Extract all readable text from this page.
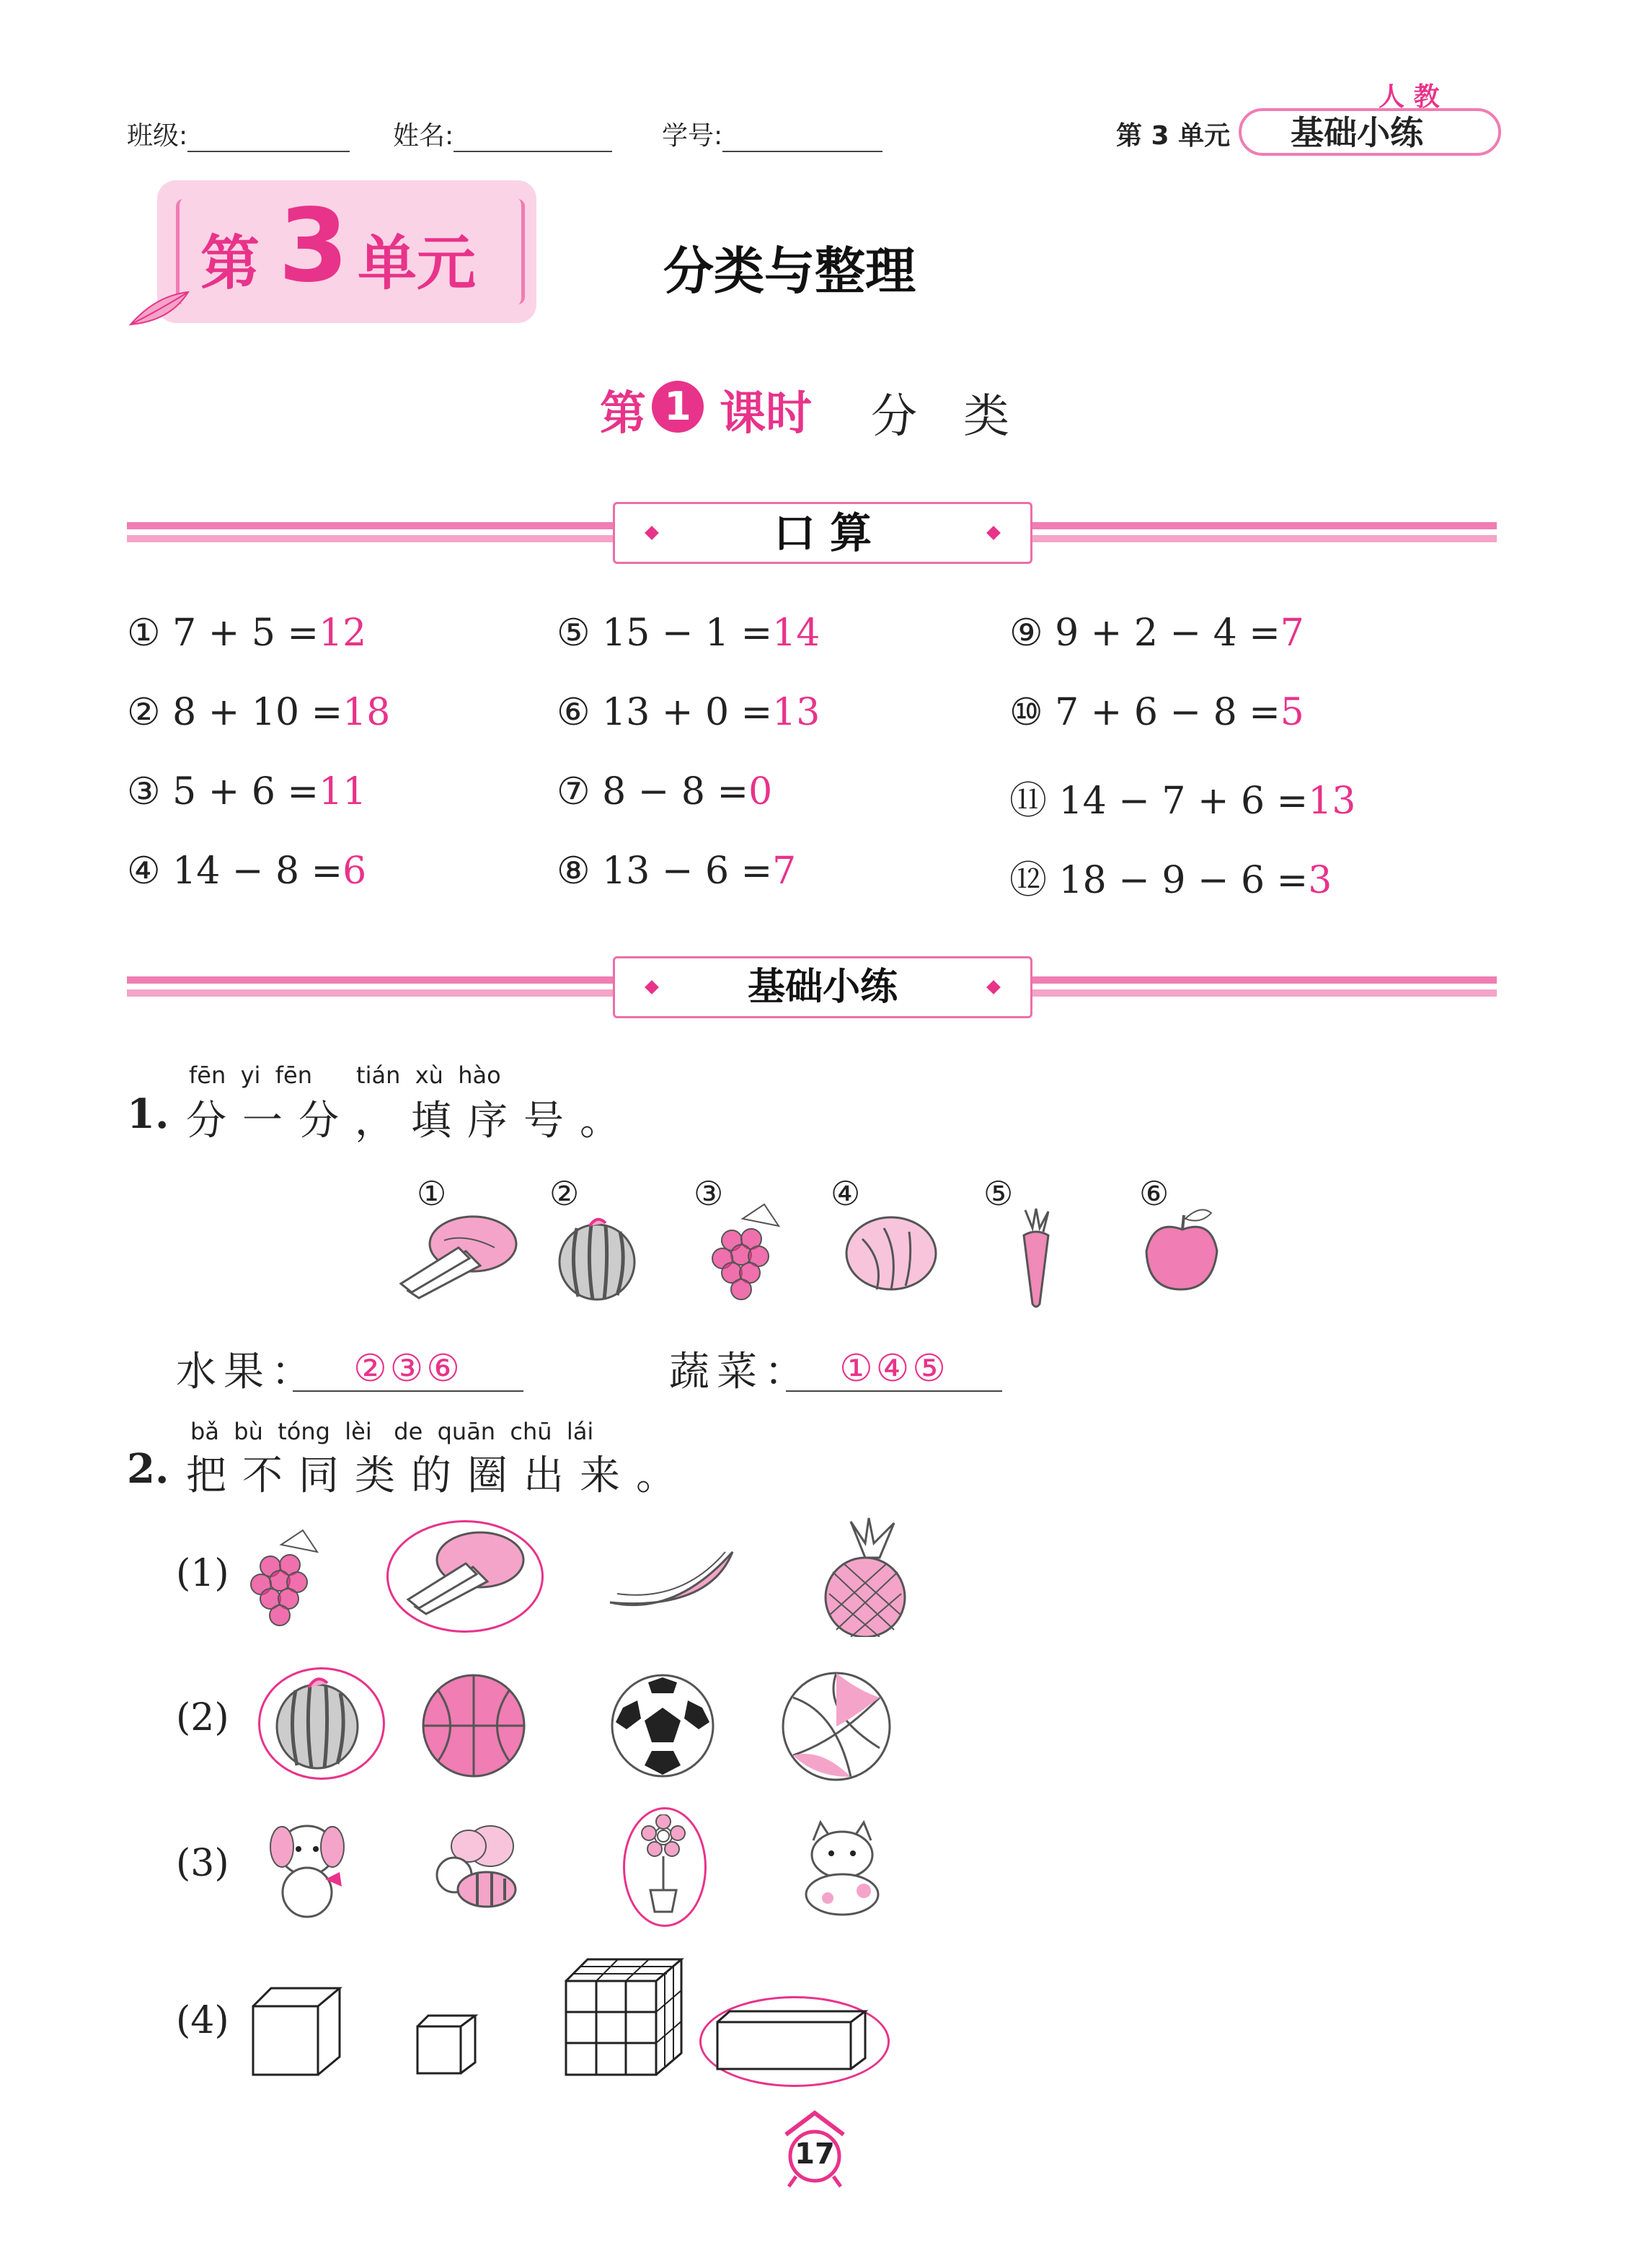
班级:	姓名:	学号:	第 3 单元
人 教
基础小练
第 3 单元	分类与整理
第 1 课时 分　类
口 算
① 7 + 5 =12
② 8 + 10 =18
③ 5 + 6 =11
④ 14 − 8 =6
⑤ 15 − 1 =14
⑥ 13 + 0 =13
⑦ 8 − 8 =0
⑧ 13 − 6 =7
⑨ 9 + 2 − 4 =7
⑩ 7 + 6 − 8 =5
⑪ 14 − 7 + 6 =13
⑫ 18 − 9 − 6 =3
基础小练
fēn  yi  fēn      tián  xù  hào
1. 分一分，填序号。
①	②	③	④	⑤	⑥
水果： ②③⑥	蔬菜： ①④⑤
bǎ  bù  tóng  lèi   de  quān  chū  lái
2. 把不同类的圈出来。
(1)
(2)
(3)
(4)
17
